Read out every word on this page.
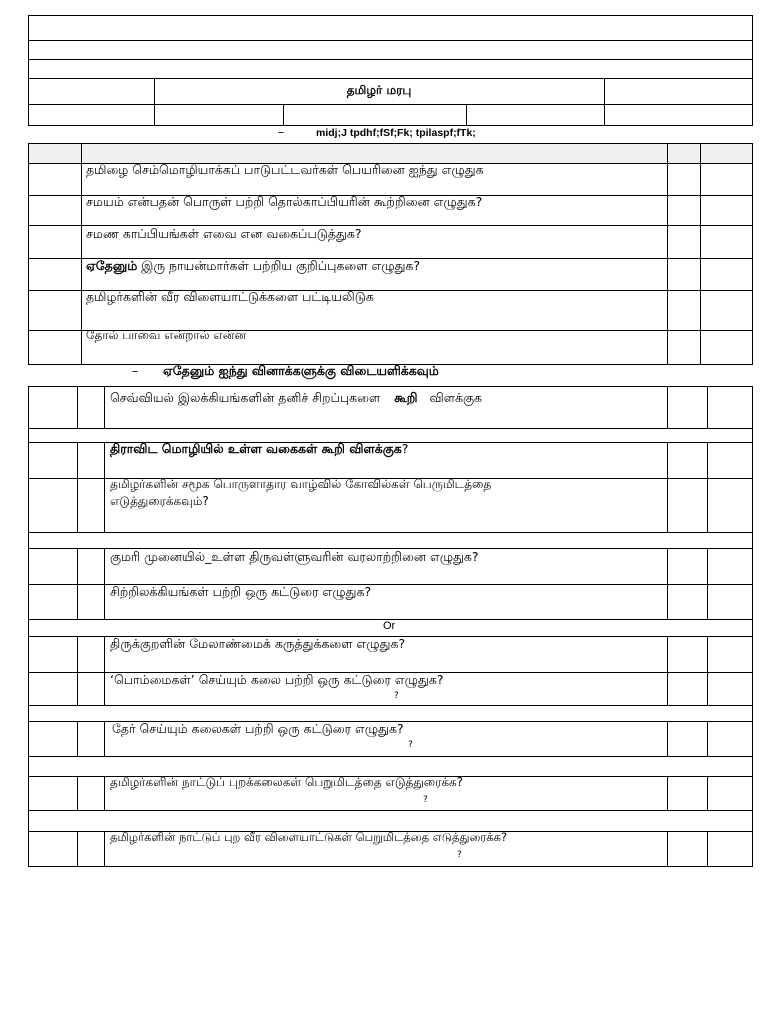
தமிழர் மரபு
–	midj;J tpdhf;fSf;Fk; tpilaspf;fTk;
தமிழை செம்மொழியாக்கப் பாடுபட்டவர்கள் பெயரினை ஐந்து எழுதுக
சமயம் என்பதன் பொருள் பற்றி தொல்காப்பியரின் கூற்றினை எழுதுக?
சமண காப்பியங்கள் எவை என வகைப்படுத்துக?
ஏதேனும் இரு நாயன்மார்கள் பற்றிய குறிப்புகளை எழுதுக?
தமிழர்களின் வீர விளையாட்டுக்களை பட்டியலிடுக
தோல் பாவை என்றால் என்ன
– ஏதேனும் ஐந்து வினாக்களுக்கு விடையளிக்கவும்
செவ்வியல் இலக்கியங்களின் தனிச் சிறப்புகளை கூறி விளக்குக
திராவிட மொழியில் உள்ள வகைகள் கூறி விளக்குக?
தமிழர்களின் சமூக பொருளாதார வாழ்வில் கோவில்கள் பெருமிடத்தை
எடுத்துரைக்கவும்?
குமரி முனையில்_உள்ள திருவள்ளுவரின் வரலாற்றினை எழுதுக?
சிற்றிலக்கியங்கள் பற்றி ஒரு கட்டுரை எழுதுக?
Or
திருக்குறளின் மேலாண்மைக் கருத்துக்களை எழுதுக?
‘பொம்மைகள்’ செய்யும் கலை பற்றி ஒரு கட்டுரை எழுதுக?
?
தேர் செய்யும் கலைகள் பற்றி ஒரு கட்டுரை எழுதுக?
?
தமிழர்களின் நாட்டுப் புறக்கலைகள் பெறுமிடத்தை எடுத்துரைக்க?
?
தமிழர்களின் நாட்டுப் புற வீர விளையாட்டுகள் பெறுமிடத்தை எடுத்துரைக்க?
?
